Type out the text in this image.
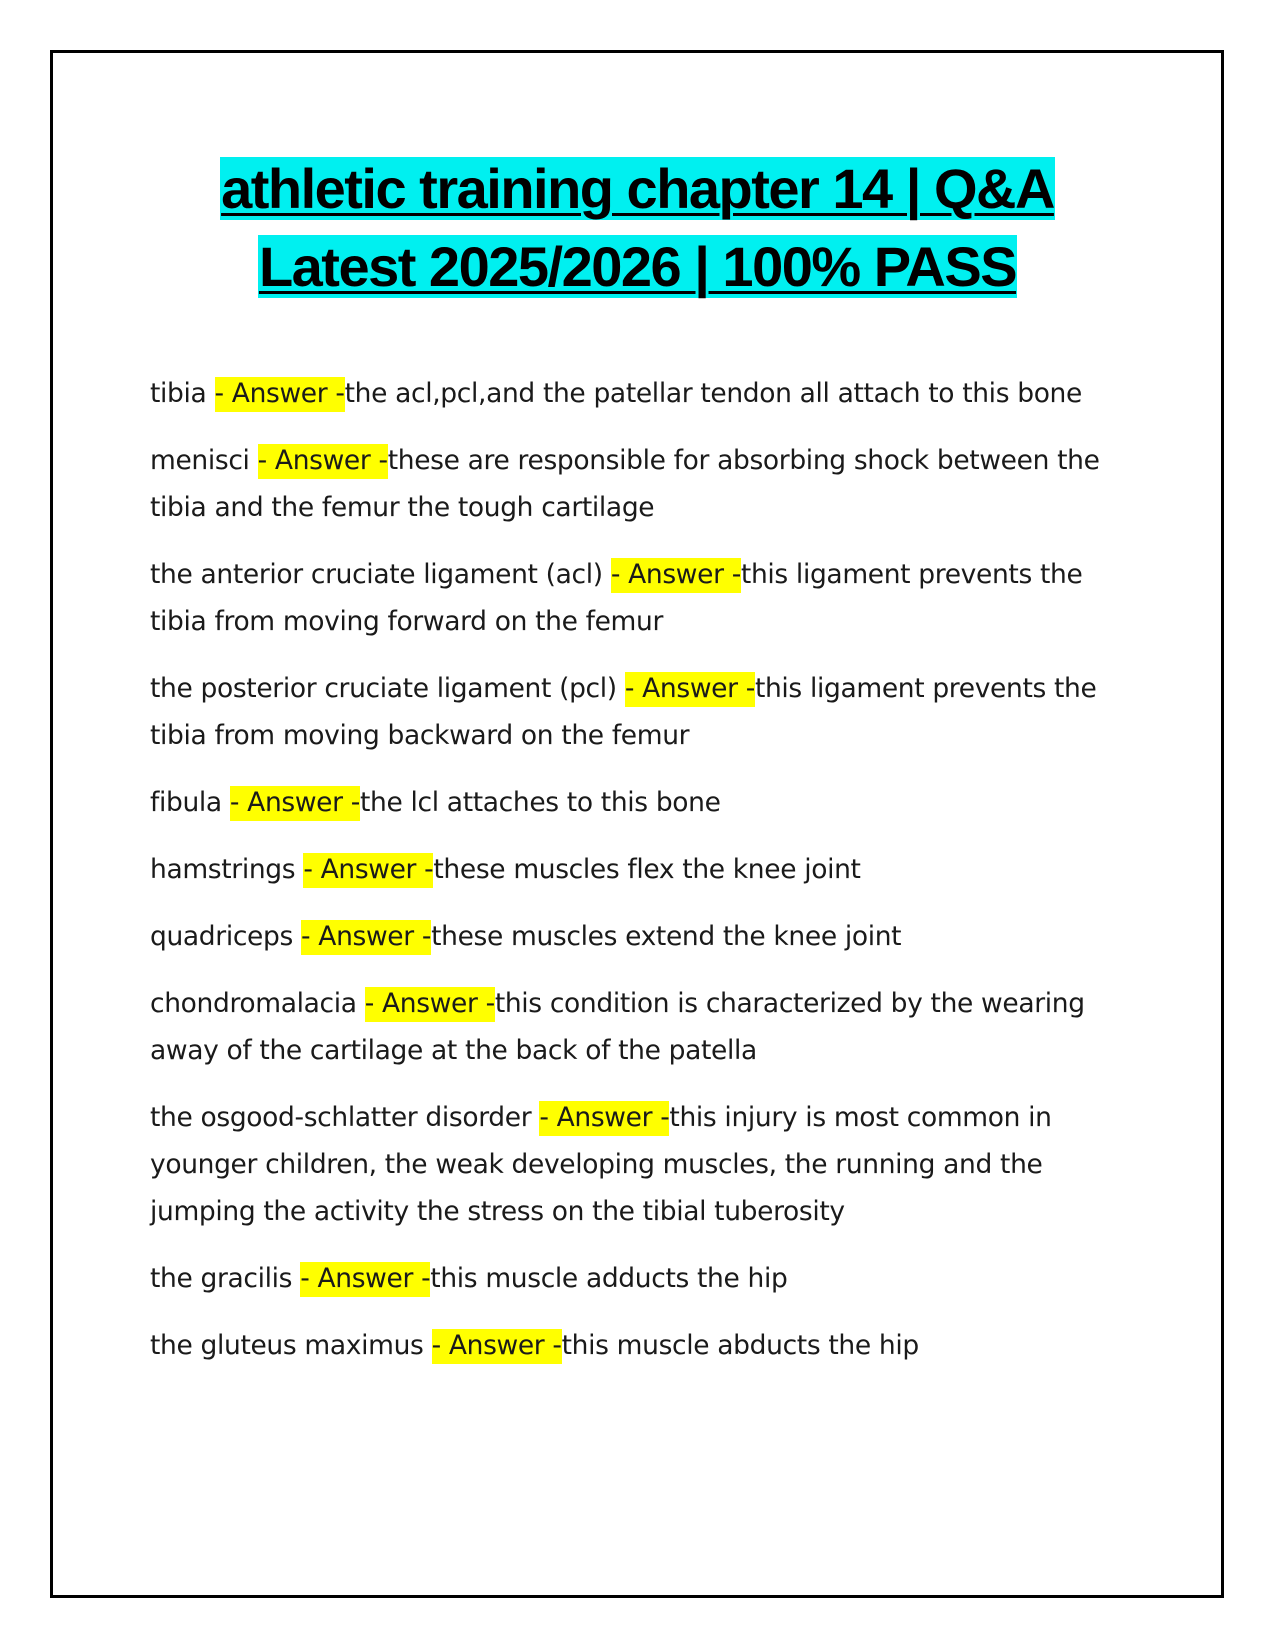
athletic training chapter 14 | Q&A
Latest 2025/2026 | 100% PASS

tibia - Answer -the acl,pcl,and the patellar tendon all attach to this bone

menisci - Answer -these are responsible for absorbing shock between the tibia and the femur the tough cartilage

the anterior cruciate ligament (acl) - Answer -this ligament prevents the tibia from moving forward on the femur

the posterior cruciate ligament (pcl) - Answer -this ligament prevents the tibia from moving backward on the femur

fibula - Answer -the lcl attaches to this bone

hamstrings - Answer -these muscles flex the knee joint

quadriceps - Answer -these muscles extend the knee joint

chondromalacia - Answer -this condition is characterized by the wearing away of the cartilage at the back of the patella

the osgood-schlatter disorder - Answer -this injury is most common in younger children, the weak developing muscles, the running and the jumping the activity the stress on the tibial tuberosity

the gracilis - Answer -this muscle adducts the hip

the gluteus maximus - Answer -this muscle abducts the hip
